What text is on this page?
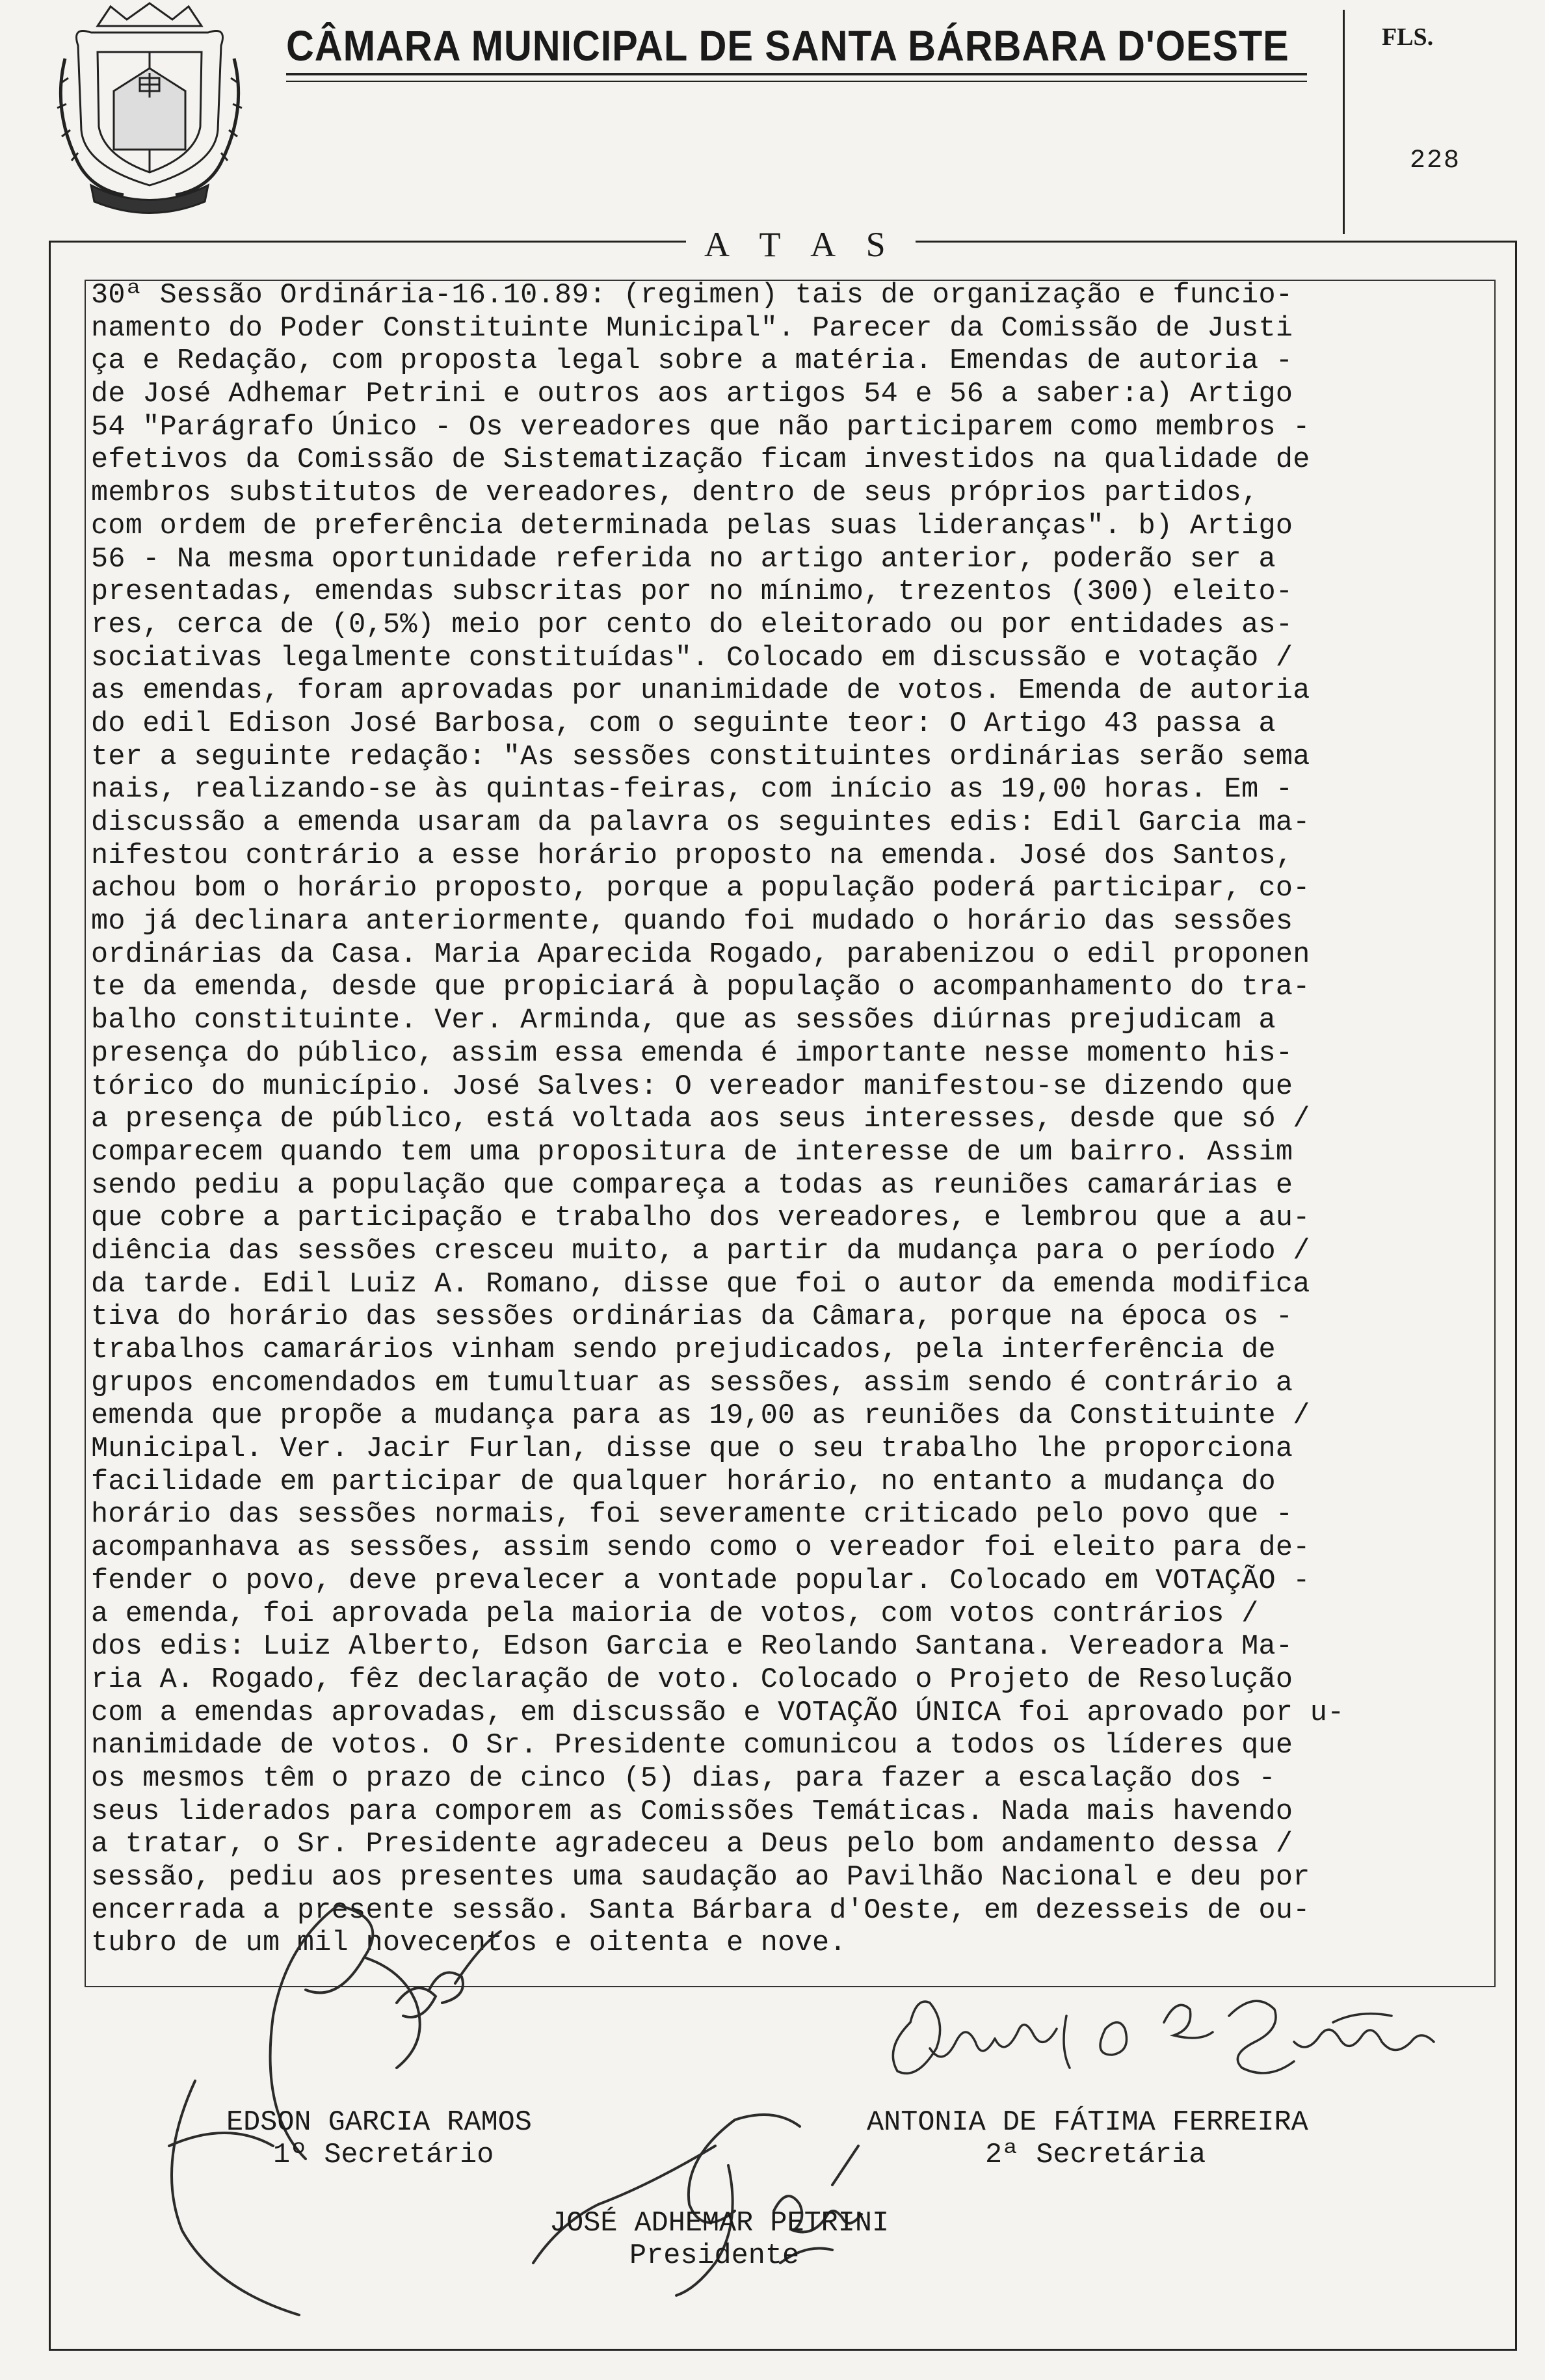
CÂMARA MUNICIPAL DE SANTA BÁRBARA D'OESTE	FLS.
228
A T A S
30ª Sessão Ordinária-16.10.89: (regimen) tais de organização e funcio-
namento do Poder Constituinte Municipal". Parecer da Comissão de Justi
ça e Redação, com proposta legal sobre a matéria. Emendas de autoria -
de José Adhemar Petrini e outros aos artigos 54 e 56 a saber:a) Artigo
54 "Parágrafo Único - Os vereadores que não participarem como membros -
efetivos da Comissão de Sistematização ficam investidos na qualidade de
membros substitutos de vereadores, dentro de seus próprios partidos,
com ordem de preferência determinada pelas suas lideranças". b) Artigo
56 - Na mesma oportunidade referida no artigo anterior, poderão ser a
presentadas, emendas subscritas por no mínimo, trezentos (300) eleito-
res, cerca de (0,5%) meio por cento do eleitorado ou por entidades as-
sociativas legalmente constituídas". Colocado em discussão e votação /
as emendas, foram aprovadas por unanimidade de votos. Emenda de autoria
do edil Edison José Barbosa, com o seguinte teor: O Artigo 43 passa a
ter a seguinte redação: "As sessões constituintes ordinárias serão sema
nais, realizando-se às quintas-feiras, com início as 19,00 horas. Em -
discussão a emenda usaram da palavra os seguintes edis: Edil Garcia ma-
nifestou contrário a esse horário proposto na emenda. José dos Santos,
achou bom o horário proposto, porque a população poderá participar, co-
mo já declinara anteriormente, quando foi mudado o horário das sessões
ordinárias da Casa. Maria Aparecida Rogado, parabenizou o edil proponen
te da emenda, desde que propiciará à população o acompanhamento do tra-
balho constituinte. Ver. Arminda, que as sessões diúrnas prejudicam a
presença do público, assim essa emenda é importante nesse momento his-
tórico do município. José Salves: O vereador manifestou-se dizendo que
a presença de público, está voltada aos seus interesses, desde que só /
comparecem quando tem uma propositura de interesse de um bairro. Assim
sendo pediu a população que compareça a todas as reuniões camarárias e
que cobre a participação e trabalho dos vereadores, e lembrou que a au-
diência das sessões cresceu muito, a partir da mudança para o período /
da tarde. Edil Luiz A. Romano, disse que foi o autor da emenda modifica
tiva do horário das sessões ordinárias da Câmara, porque na época os -
trabalhos camarários vinham sendo prejudicados, pela interferência de
grupos encomendados em tumultuar as sessões, assim sendo é contrário a
emenda que propõe a mudança para as 19,00 as reuniões da Constituinte /
Municipal. Ver. Jacir Furlan, disse que o seu trabalho lhe proporciona
facilidade em participar de qualquer horário, no entanto a mudança do
horário das sessões normais, foi severamente criticado pelo povo que -
acompanhava as sessões, assim sendo como o vereador foi eleito para de-
fender o povo, deve prevalecer a vontade popular. Colocado em VOTAÇÃO -
a emenda, foi aprovada pela maioria de votos, com votos contrários /
dos edis: Luiz Alberto, Edson Garcia e Reolando Santana. Vereadora Ma-
ria A. Rogado, fêz declaração de voto. Colocado o Projeto de Resolução
com a emendas aprovadas, em discussão e VOTAÇÃO ÚNICA foi aprovado por u-
nanimidade de votos. O Sr. Presidente comunicou a todos os líderes que
os mesmos têm o prazo de cinco (5) dias, para fazer a escalação dos -
seus liderados para comporem as Comissões Temáticas. Nada mais havendo
a tratar, o Sr. Presidente agradeceu a Deus pelo bom andamento dessa /
sessão, pediu aos presentes uma saudação ao Pavilhão Nacional e deu por
encerrada a presente sessão. Santa Bárbara d'Oeste, em dezesseis de ou-
tubro de um mil novecentos e oitenta e nove.
EDSON GARCIA RAMOS
1º Secretário
ANTONIA DE FÁTIMA FERREIRA
2ª Secretária
JOSÉ ADHEMAR PETRINI
Presidente
